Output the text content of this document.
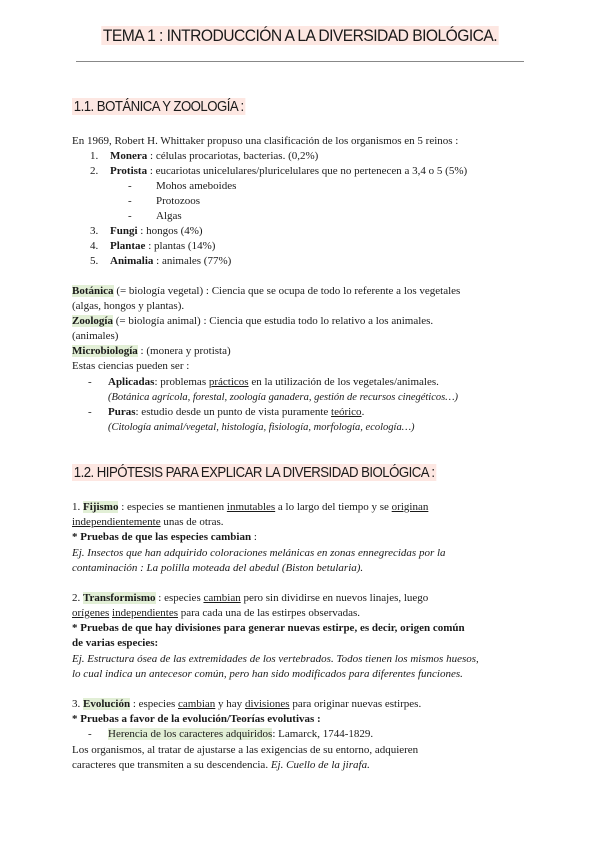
TEMA 1 : INTRODUCCIÓN A LA DIVERSIDAD BIOLÓGICA.
1.1. BOTÁNICA Y ZOOLOGÍA :
En 1969, Robert H. Whittaker propuso una clasificación de los organismos en 5 reinos :
1. Monera : células procariotas, bacterias. (0,2%)
2. Protista : eucariotas unicelulares/pluricelulares que no pertenecen a 3,4 o 5 (5%)
- Mohos ameboides
- Protozoos
- Algas
3. Fungi : hongos (4%)
4. Plantae : plantas (14%)
5. Animalia : animales (77%)
Botánica (= biología vegetal) : Ciencia que se ocupa de todo lo referente a los vegetales
(algas, hongos y plantas).
Zoología (= biología animal) : Ciencia que estudia todo lo relativo a los animales.
(animales)
Microbiología : (monera y protista)
Estas ciencias pueden ser :
- Aplicadas: problemas prácticos en la utilización de los vegetales/animales.
(Botánica agrícola, forestal, zoología ganadera, gestión de recursos cinegéticos…)
- Puras: estudio desde un punto de vista puramente teórico.
(Citología animal/vegetal, histología, fisiología, morfología, ecología…)
1.2. HIPÓTESIS PARA EXPLICAR LA DIVERSIDAD BIOLÓGICA :
1. Fijismo : especies se mantienen inmutables a lo largo del tiempo y se originan
independientemente unas de otras.
* Pruebas de que las especies cambian :
Ej. Insectos que han adquirido coloraciones melánicas en zonas ennegrecidas por la
contaminación : La polilla moteada del abedul (Biston betularia).
2. Transformismo : especies cambian pero sin dividirse en nuevos linajes, luego
orígenes independientes para cada una de las estirpes observadas.
* Pruebas de que hay divisiones para generar nuevas estirpe, es decir, origen común
de varias especies:
Ej. Estructura ósea de las extremidades de los vertebrados. Todos tienen los mismos huesos,
lo cual indica un antecesor común, pero han sido modificados para diferentes funciones.
3. Evolución : especies cambian y hay divisiones para originar nuevas estirpes.
* Pruebas a favor de la evolución/Teorías evolutivas :
- Herencia de los caracteres adquiridos: Lamarck, 1744-1829.
Los organismos, al tratar de ajustarse a las exigencias de su entorno, adquieren
caracteres que transmiten a su descendencia. Ej. Cuello de la jirafa.
